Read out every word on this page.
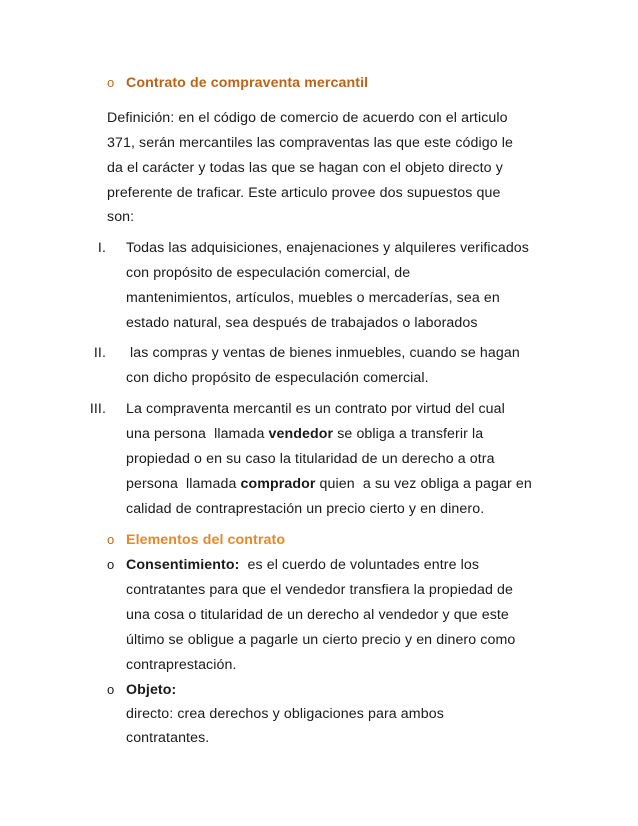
o Contrato de compraventa mercantil
Definición: en el código de comercio de acuerdo con el articulo
371, serán mercantiles las compraventas las que este código le
da el carácter y todas las que se hagan con el objeto directo y
preferente de traficar. Este articulo provee dos supuestos que
son:
I. Todas las adquisiciones, enajenaciones y alquileres verificados
con propósito de especulación comercial, de
mantenimientos, artículos, muebles o mercaderías, sea en
estado natural, sea después de trabajados o laborados
II. las compras y ventas de bienes inmuebles, cuando se hagan
con dicho propósito de especulación comercial.
III. La compraventa mercantil es un contrato por virtud del cual
una persona  llamada vendedor se obliga a transferir la
propiedad o en su caso la titularidad de un derecho a otra
persona  llamada comprador quien  a su vez obliga a pagar en
calidad de contraprestación un precio cierto y en dinero.
o Elementos del contrato
o Consentimiento:  es el cuerdo de voluntades entre los
contratantes para que el vendedor transfiera la propiedad de
una cosa o titularidad de un derecho al vendedor y que este
último se obligue a pagarle un cierto precio y en dinero como
contraprestación.
o Objeto:
directo: crea derechos y obligaciones para ambos
contratantes.
